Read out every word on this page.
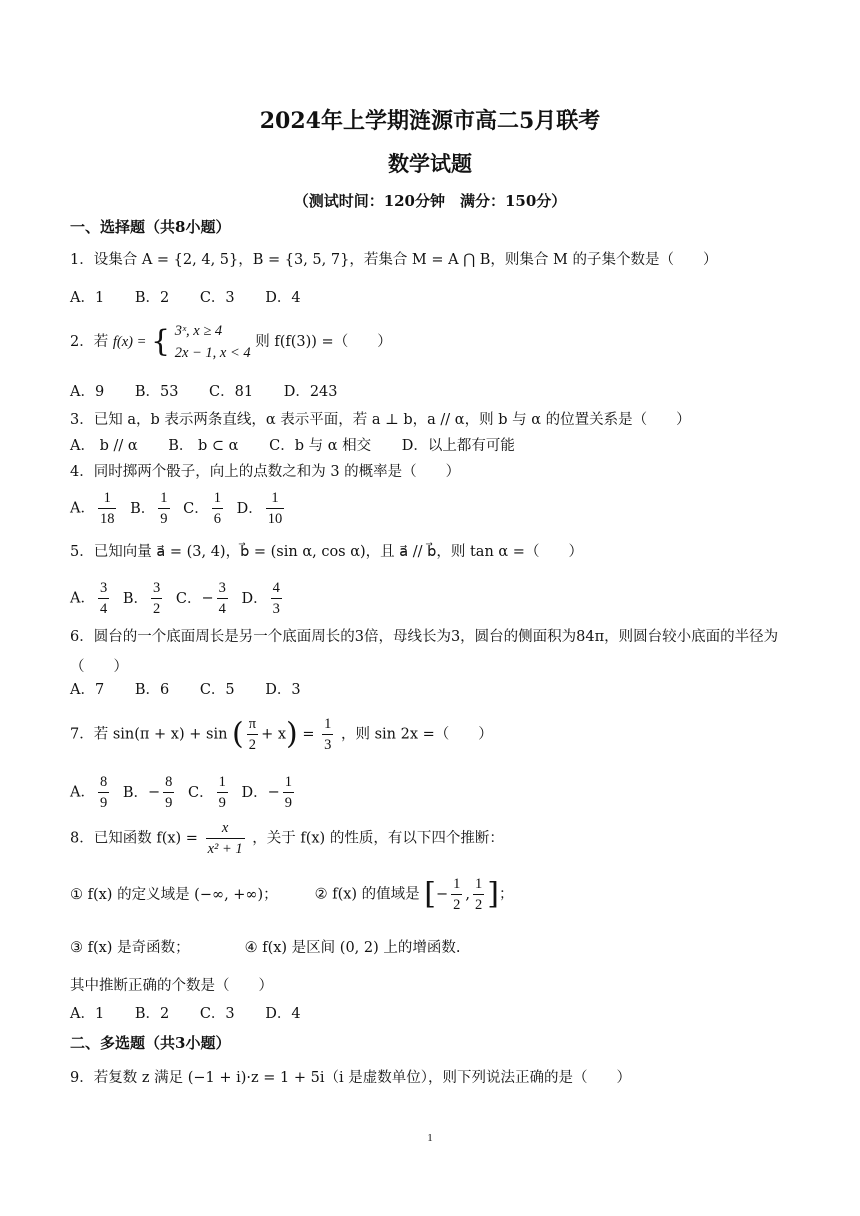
2024年上学期涟源市高二5月联考
数学试题
（测试时间：120分钟　满分：150分）
一、选择题（共8小题）
1．设集合 A = {2, 4, 5}，B = {3, 5, 7}，若集合 M = A ⋂ B，则集合 M 的子集个数是（　　）
A．1 B．2 C．3 D．4
2．若 f(x) = { 3ˣ, x ≥ 4
2x − 1, x < 4
则 f(f(3)) =（　　）
A．9 B．53 C．81 D．243
3．已知 a，b 表示两条直线，α 表示平面，若 a ⊥ b，a // α，则 b 与 α 的位置关系是（　　）
A． b // α B． b ⊂ α C．b 与 α 相交 D．以上都有可能
4．同时掷两个骰子，向上的点数之和为 3 的概率是（　　）
A． $\frac{1}{18}$ B． $\frac{1}{9}$ C． $\frac{1}{6}$ D． $\frac{1}{10}$
5．已知向量 a⃗ = (3, 4)，b⃗ = (sin α, cos α)，且 a⃗ // b⃗，则 tan α =（　　）
A． $\frac{3}{4}$ B． $\frac{3}{2}$ C．− $\frac{3}{4}$ D． $\frac{4}{3}$
6．圆台的一个底面周长是另一个底面周长的3倍，母线长为3，圆台的侧面积为84π，则圆台较小底面的半径为（　　）
A．7 B．6 C．5 D．3
7．若 sin(π + x) + sin ( $\frac{\pi}{2} + x) = \frac{1}{3}$ ，则 sin 2x =（　　）
A． $\frac{8}{9}$ B．− $\frac{8}{9}$ C． $\frac{1}{9}$ D．− $\frac{1}{9}$
8．已知函数 $f(x) = \frac{x}{\text{x² + 1}}$ ，关于 f(x) 的性质，有以下四个推断：
① f(x) 的定义域是 (−∞, +∞)；	② f(x) 的值域是 [− $\frac{1}{2}$ , $\frac{1}{2}$ ]；
③ f(x) 是奇函数；	④ f(x) 是区间 (0, 2) 上的增函数.
其中推断正确的个数是（　　）
A．1 B．2 C．3 D．4
二、多选题（共3小题）
9．若复数 z 满足 (−1 + i)·z = 1 + 5i（i 是虚数单位），则下列说法正确的是（　　）
1
